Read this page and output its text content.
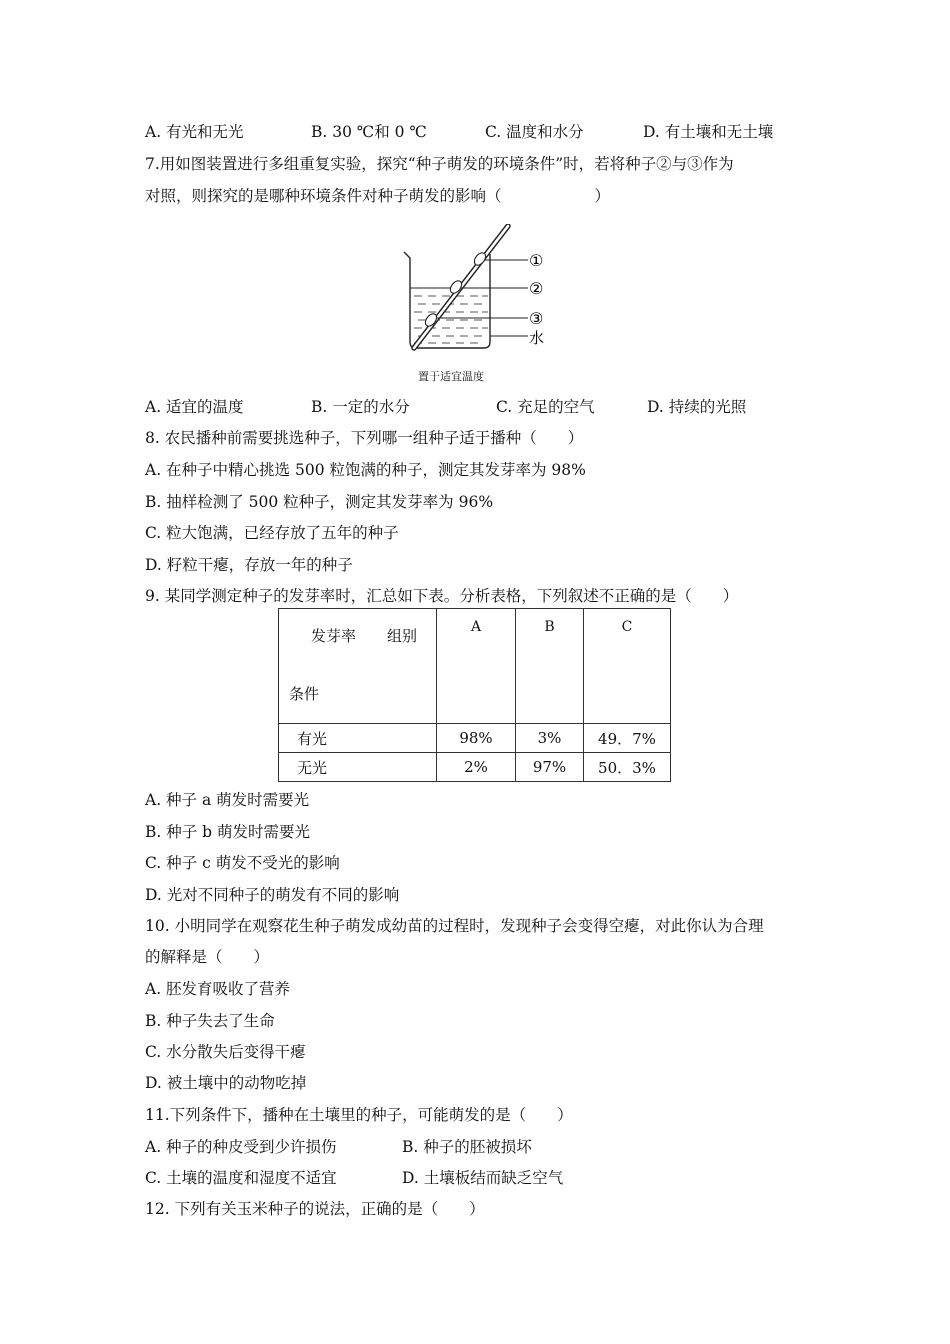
A. 有光和无光	B. 30 ℃和 0 ℃	C. 温度和水分	D. 有土壤和无土壤
7.用如图装置进行多组重复实验，探究“种子萌发的环境条件”时，若将种子②与③作为
对照，则探究的是哪种环境条件对种子萌发的影响（　　　　　　）
①
②
③
水
置于适宜温度
A. 适宜的温度	B. 一定的水分	C. 充足的空气	D. 持续的光照
8. 农民播种前需要挑选种子，下列哪一组种子适于播种（　　）
A. 在种子中精心挑选 500 粒饱满的种子，测定其发芽率为 98%
B. 抽样检测了 500 粒种子，测定其发芽率为 96%
C. 粒大饱满，已经存放了五年的种子
D. 籽粒干瘪，存放一年的种子
9. 某同学测定种子的发芽率时，汇总如下表。分析表格，下列叙述不正确的是（　　）
发芽率 组别
条件	A	B	C
有光	98%	3%	49．7%
无光	2%	97%	50．3%
A. 种子 a 萌发时需要光
B. 种子 b 萌发时需要光
C. 种子 c 萌发不受光的影响
D. 光对不同种子的萌发有不同的影响
10. 小明同学在观察花生种子萌发成幼苗的过程时，发现种子会变得空瘪，对此你认为合理
的解释是（　　）
A. 胚发育吸收了营养
B. 种子失去了生命
C. 水分散失后变得干瘪
D. 被土壤中的动物吃掉
11.下列条件下，播种在土壤里的种子，可能萌发的是（　　）
A. 种子的种皮受到少许损伤	B. 种子的胚被损坏
C. 土壤的温度和湿度不适宜	D. 土壤板结而缺乏空气
12. 下列有关玉米种子的说法，正确的是（　　）
